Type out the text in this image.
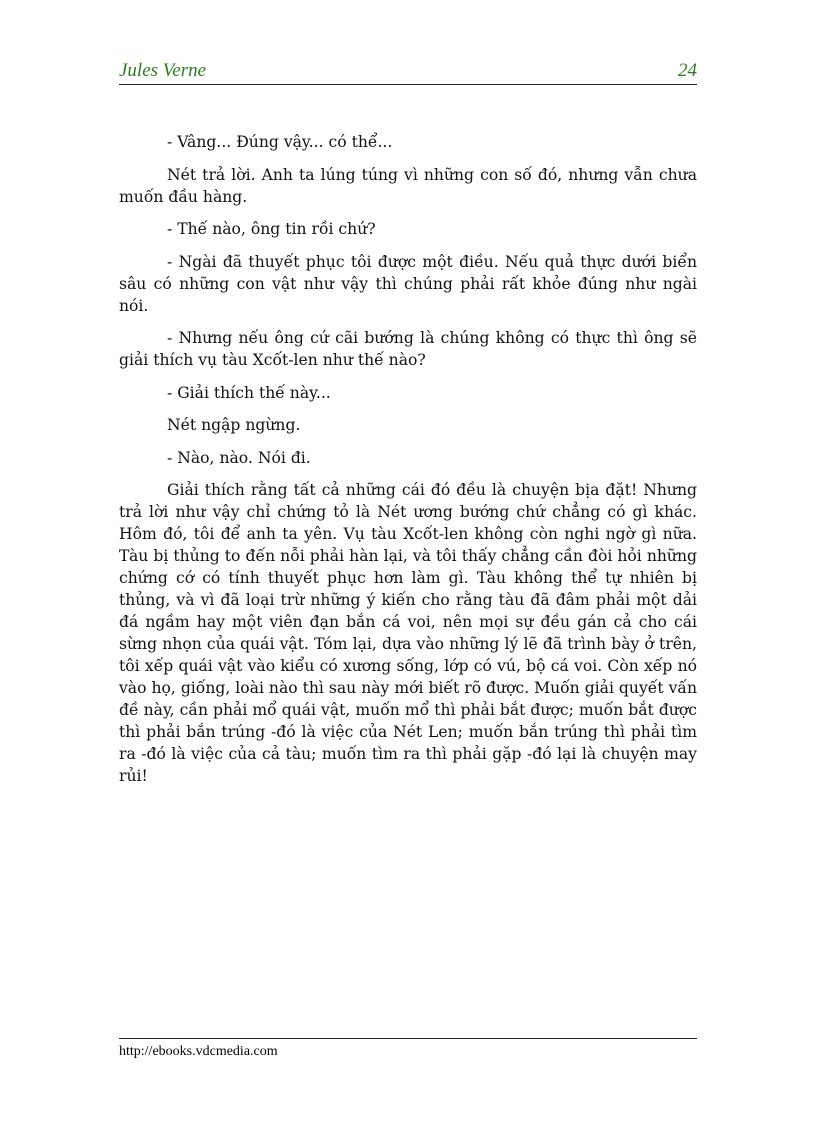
Jules Verne	24

- Vâng... Đúng vậy... có thể...

Nét trả lời. Anh ta lúng túng vì những con số đó, nhưng vẫn chưa muốn đầu hàng.

- Thế nào, ông tin rồi chứ?

- Ngài đã thuyết phục tôi được một điều. Nếu quả thực dưới biển sâu có những con vật như vậy thì chúng phải rất khỏe đúng như ngài nói.

- Nhưng nếu ông cứ cãi bướng là chúng không có thực thì ông sẽ giải thích vụ tàu Xcốt-len như thế nào?

- Giải thích thế này...

Nét ngập ngừng.

- Nào, nào. Nói đi.

Giải thích rằng tất cả những cái đó đều là chuyện bịa đặt! Nhưng trả lời như vậy chỉ chứng tỏ là Nét ương bướng chứ chẳng có gì khác. Hôm đó, tôi để anh ta yên. Vụ tàu Xcốt-len không còn nghi ngờ gì nữa. Tàu bị thủng to đến nỗi phải hàn lại, và tôi thấy chẳng cần đòi hỏi những chứng cớ có tính thuyết phục hơn làm gì. Tàu không thể tự nhiên bị thủng, và vì đã loại trừ những ý kiến cho rằng tàu đã đâm phải một dải đá ngầm hay một viên đạn bắn cá voi, nên mọi sự đều gán cả cho cái sừng nhọn của quái vật. Tóm lại, dựa vào những lý lẽ đã trình bày ở trên, tôi xếp quái vật vào kiểu có xương sống, lớp có vú, bộ cá voi. Còn xếp nó vào họ, giống, loài nào thì sau này mới biết rõ được. Muốn giải quyết vấn đề này, cần phải mổ quái vật, muốn mổ thì phải bắt được; muốn bắt được thì phải bắn trúng -đó là việc của Nét Len; muốn bắn trúng thì phải tìm ra -đó là việc của cả tàu; muốn tìm ra thì phải gặp -đó lại là chuyện may rủi!

http://ebooks.vdcmedia.com
